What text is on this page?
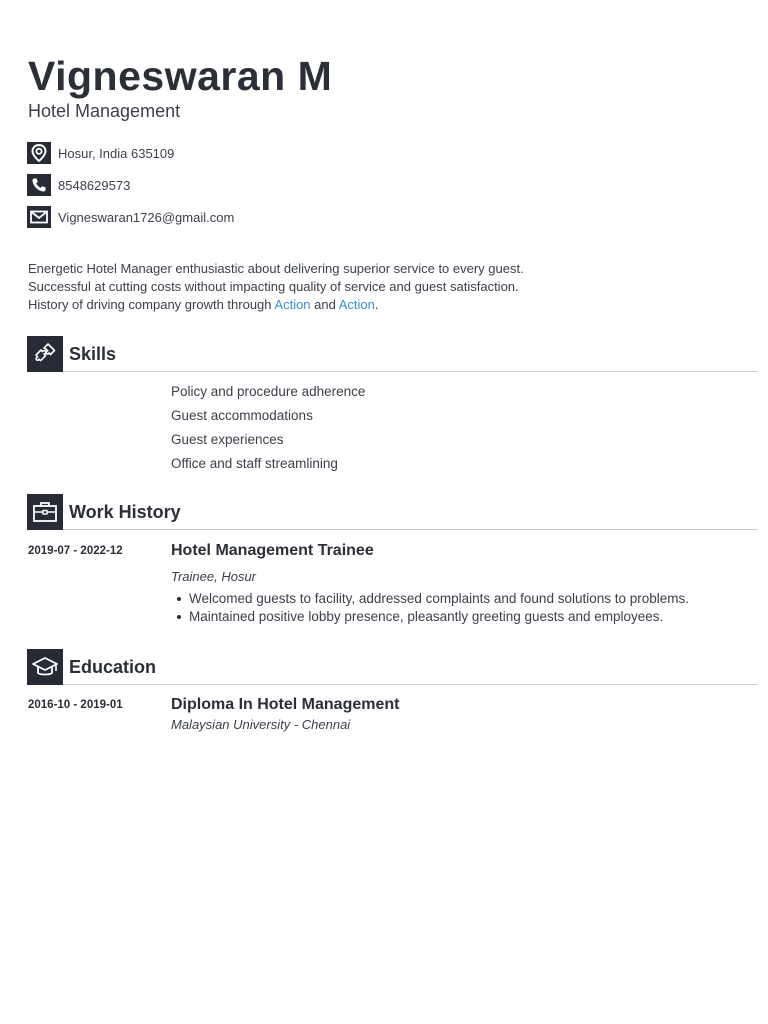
Vigneswaran M
Hotel Management
Hosur, India 635109
8548629573
Vigneswaran1726@gmail.com
Energetic Hotel Manager enthusiastic about delivering superior service to every guest.
Successful at cutting costs without impacting quality of service and guest satisfaction.
History of driving company growth through Action and Action.
Skills
Policy and procedure adherence
Guest accommodations
Guest experiences
Office and staff streamlining
Work History
2019-07 - 2022-12	Hotel Management Trainee
Trainee, Hosur
Welcomed guests to facility, addressed complaints and found solutions to problems.
Maintained positive lobby presence, pleasantly greeting guests and employees.
Education
2016-10 - 2019-01	Diploma In Hotel Management
Malaysian University - Chennai
